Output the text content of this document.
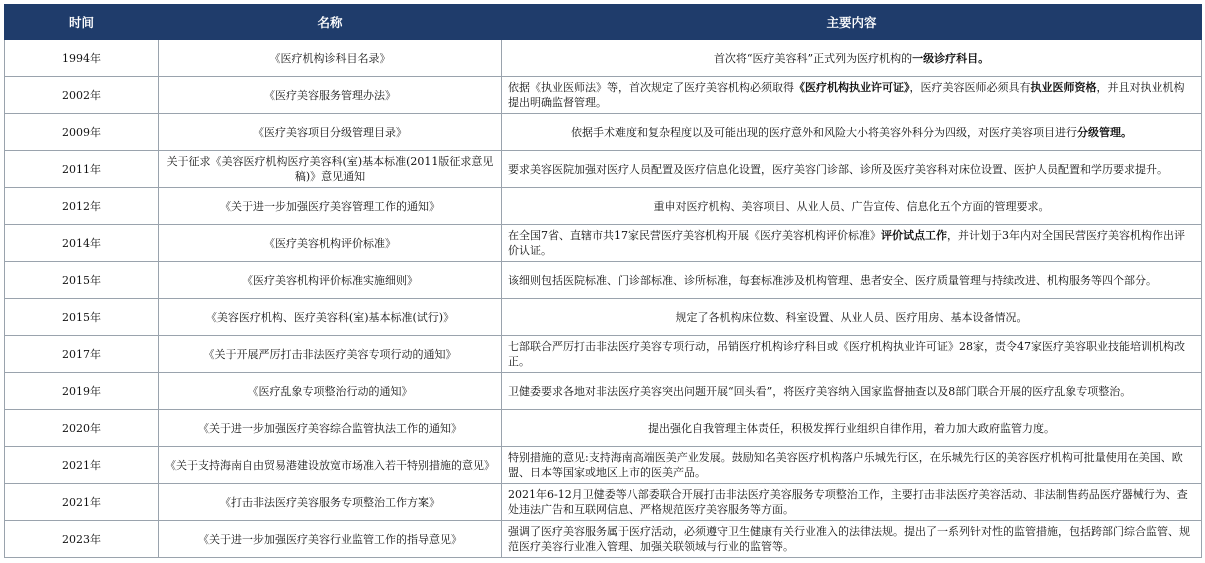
时间	名称	主要内容
1994年	《医疗机构诊科目名录》	首次将“医疗美容科”正式列为医疗机构的一级诊疗科目。
2002年	《医疗美容服务管理办法》	依据《执业医师法》等，首次规定了医疗美容机构必须取得《医疗机构执业许可证》，医疗美容医师必须具有执业医师资格，并且对执业机构提出明确监督管理。
2009年	《医疗美容项目分级管理目录》	依据手术难度和复杂程度以及可能出现的医疗意外和风险大小将美容外科分为四级，对医疗美容项目进行分级管理。
2011年	关于征求《美容医疗机构医疗美容科(室)基本标准(2011版征求意见稿)》意见通知	要求美容医院加强对医疗人员配置及医疗信息化设置，医疗美容门诊部、诊所及医疗美容科对床位设置、医护人员配置和学历要求提升。
2012年	《关于进一步加强医疗美容管理工作的通知》	重申对医疗机构、美容项目、从业人员、广告宣传、信息化五个方面的管理要求。
2014年	《医疗美容机构评价标准》	在全国7省、直辖市共17家民营医疗美容机构开展《医疗美容机构评价标准》评价试点工作，并计划于3年内对全国民营医疗美容机构作出评价认证。
2015年	《医疗美容机构评价标准实施细则》	该细则包括医院标准、门诊部标准、诊所标准，每套标准涉及机构管理、患者安全、医疗质量管理与持续改进、机构服务等四个部分。
2015年	《美容医疗机构、医疗美容科(室)基本标准(试行)》	规定了各机构床位数、科室设置、从业人员、医疗用房、基本设备情况。
2017年	《关于开展严厉打击非法医疗美容专项行动的通知》	七部联合严厉打击非法医疗美容专项行动，吊销医疗机构诊疗科目或《医疗机构执业许可证》28家，责令47家医疗美容职业技能培训机构改正。
2019年	《医疗乱象专项整治行动的通知》	卫健委要求各地对非法医疗美容突出问题开展“回头看”，将医疗美容纳入国家监督抽查以及8部门联合开展的医疗乱象专项整治。
2020年	《关于进一步加强医疗美容综合监管执法工作的通知》	提出强化自我管理主体责任，积极发挥行业组织自律作用，着力加大政府监管力度。
2021年	《关于支持海南自由贸易港建设放宽市场准入若干特别措施的意见》	特别措施的意见:支持海南高端医美产业发展。鼓励知名美容医疗机构落户乐城先行区，在乐城先行区的美容医疗机构可批量使用在美国、欧盟、日本等国家或地区上市的医美产品。
2021年	《打击非法医疗美容服务专项整治工作方案》	2021年6-12月卫健委等八部委联合开展打击非法医疗美容服务专项整治工作，主要打击非法医疗美容活动、非法制售药品医疗器械行为、查处违法广告和互联网信息、严格规范医疗美容服务等方面。
2023年	《关于进一步加强医疗美容行业监管工作的指导意见》	强调了医疗美容服务属于医疗活动，必须遵守卫生健康有关行业准入的法律法规。提出了一系列针对性的监管措施，包括跨部门综合监管、规范医疗美容行业准入管理、加强关联领域与行业的监管等。
